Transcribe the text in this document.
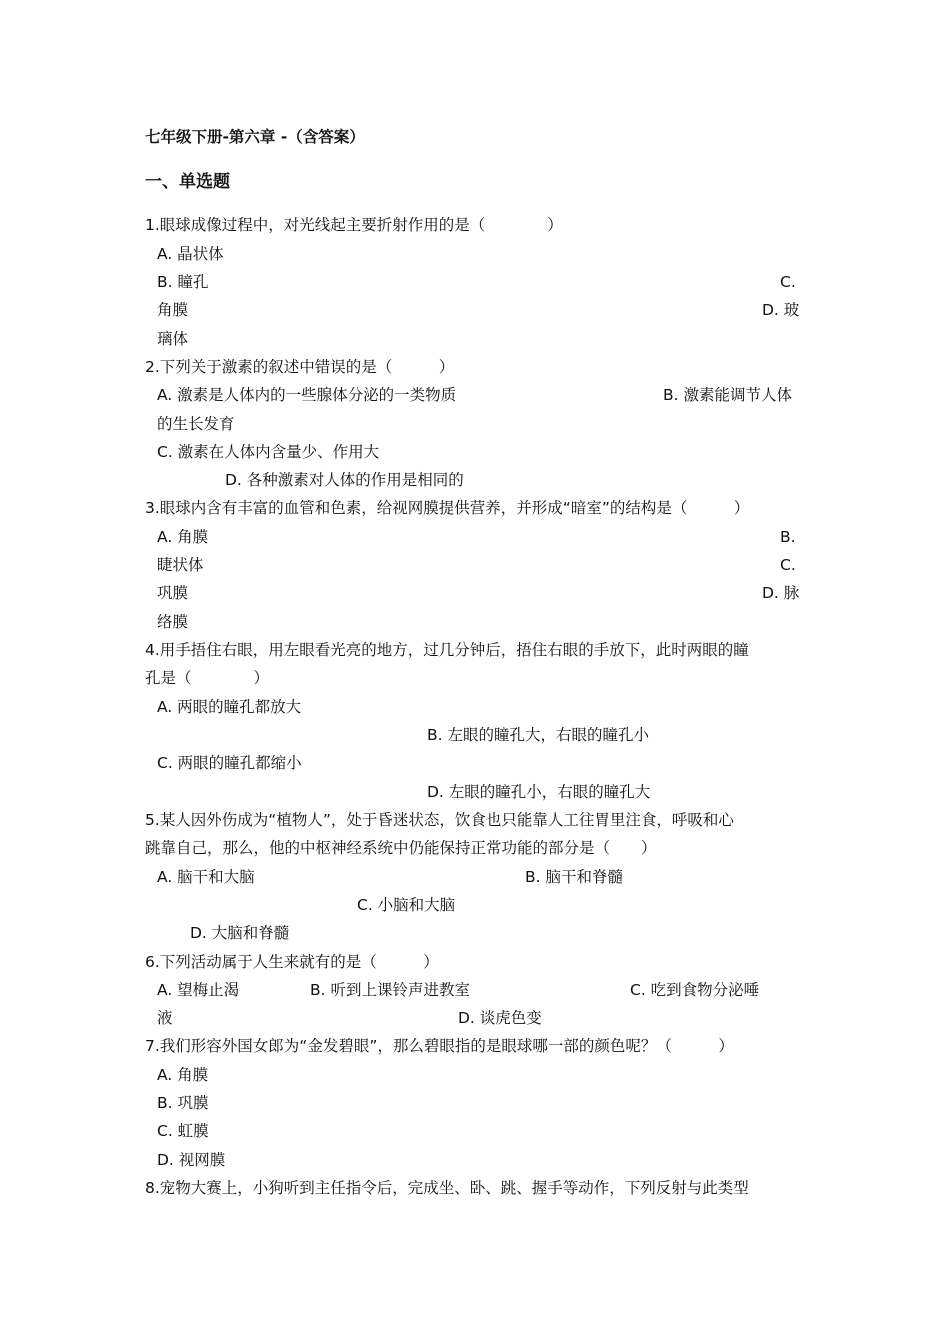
七年级下册-第六章 -（含答案）
一、单选题
1.眼球成像过程中，对光线起主要折射作用的是（　　　　）
A. 晶状体
B. 瞳孔	C.
角膜	D. 玻
璃体
2.下列关于激素的叙述中错误的是（　　　）
A. 激素是人体内的一些腺体分泌的一类物质	B. 激素能调节人体
的生长发育
C. 激素在人体内含量少、作用大
D. 各种激素对人体的作用是相同的
3.眼球内含有丰富的血管和色素，给视网膜提供营养，并形成“暗室”的结构是（　　　）
A. 角膜	B.
睫状体	C.
巩膜	D. 脉
络膜
4.用手捂住右眼，用左眼看光亮的地方，过几分钟后，捂住右眼的手放下，此时两眼的瞳
孔是（　　　　）
A. 两眼的瞳孔都放大
B. 左眼的瞳孔大，右眼的瞳孔小
C. 两眼的瞳孔都缩小
D. 左眼的瞳孔小，右眼的瞳孔大
5.某人因外伤成为“植物人”，处于昏迷状态，饮食也只能靠人工往胃里注食，呼吸和心
跳靠自己，那么，他的中枢神经系统中仍能保持正常功能的部分是（　　）
A. 脑干和大脑	B. 脑干和脊髓
C. 小脑和大脑
D. 大脑和脊髓
6.下列活动属于人生来就有的是（　　　）
A. 望梅止渴	B. 听到上课铃声进教室	C. 吃到食物分泌唾
液	D. 谈虎色变
7.我们形容外国女郎为“金发碧眼”，那么碧眼指的是眼球哪一部的颜色呢？（　　　）
A. 角膜
B. 巩膜
C. 虹膜
D. 视网膜
8.宠物大赛上，小狗听到主任指令后，完成坐、卧、跳、握手等动作，下列反射与此类型
